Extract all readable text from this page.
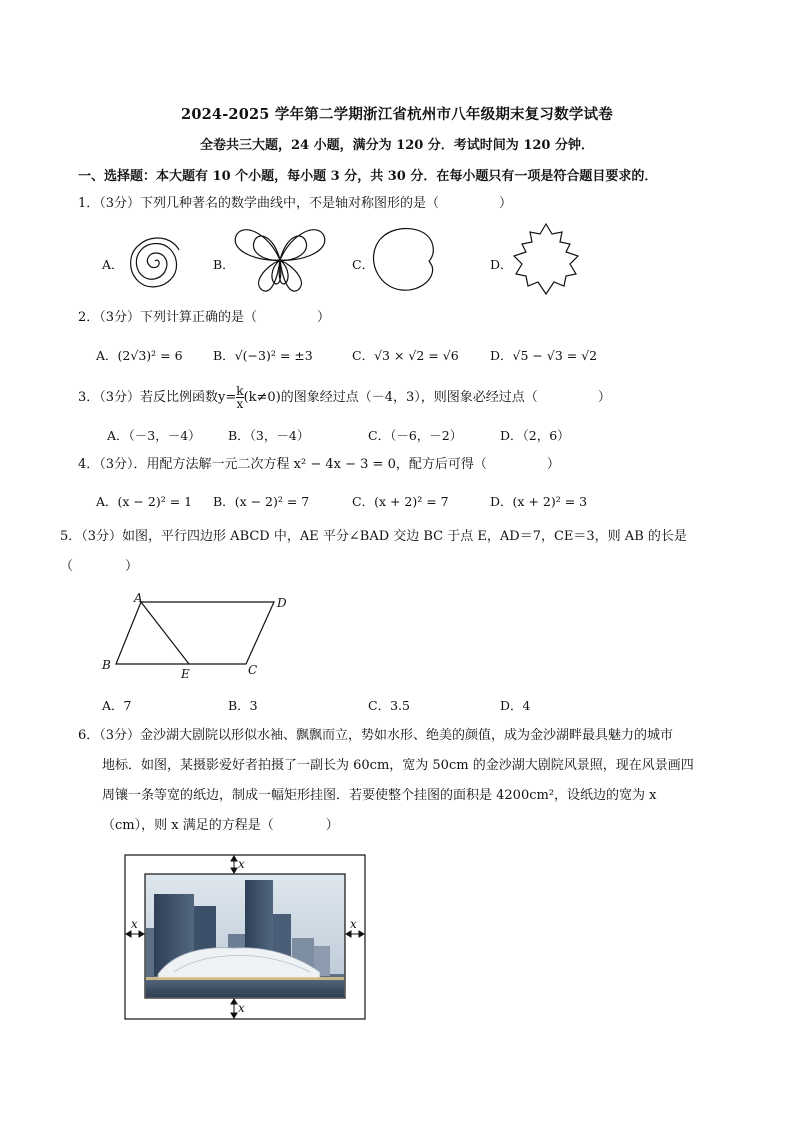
2024-2025 学年第二学期浙江省杭州市八年级期末复习数学试卷
全卷共三大题，24 小题，满分为 120 分．考试时间为 120 分钟．
一、选择题：本大题有 10 个小题，每小题 3 分，共 30 分．在每小题只有一项是符合题目要求的．
1．（3分）下列几种著名的数学曲线中，不是轴对称图形的是（	）
A．	B．	C．	D．
2．（3分）下列计算正确的是（	）
A．(2√3)² = 6 B．√(−3)² = ±3	C．√3 × √2 = √6	D．√5 − √3 = √2
3．（3分）若反比例函数$y= \frac{k}{x} (k\ne 0)$的图象经过点（－4，3），则图象必经过点（	）
A．（－3，－4） B．（3，－4）	C．（－6，－2）	D．（2，6）
4．（3分）．用配方法解一元二次方程 x² − 4x − 3 = 0，配方后可得（	）
A．(x − 2)² = 1 B．(x − 2)² = 7	C．(x + 2)² = 7	D．(x + 2)² = 3
5．（3分）如图，平行四边形 ABCD 中，AE 平分∠BAD 交边 BC 于点 E，AD＝7，CE＝3，则 AB 的长是
（　　　　）
A	D
B
E	C
A．7	B．3	C．3.5	D．4
6．（3分）金沙湖大剧院以形似水袖、飘飘而立，势如水形、绝美的颜值，成为金沙湖畔最具魅力的城市
地标．如图，某摄影爱好者拍摄了一副长为 60cm，宽为 50cm 的金沙湖大剧院风景照，现在风景画四
周镶一条等宽的纸边，制成一幅矩形挂图．若要使整个挂图的面积是 4200cm²，设纸边的宽为 x
（cm），则 x 满足的方程是（　　　　）
x
x
x	x
